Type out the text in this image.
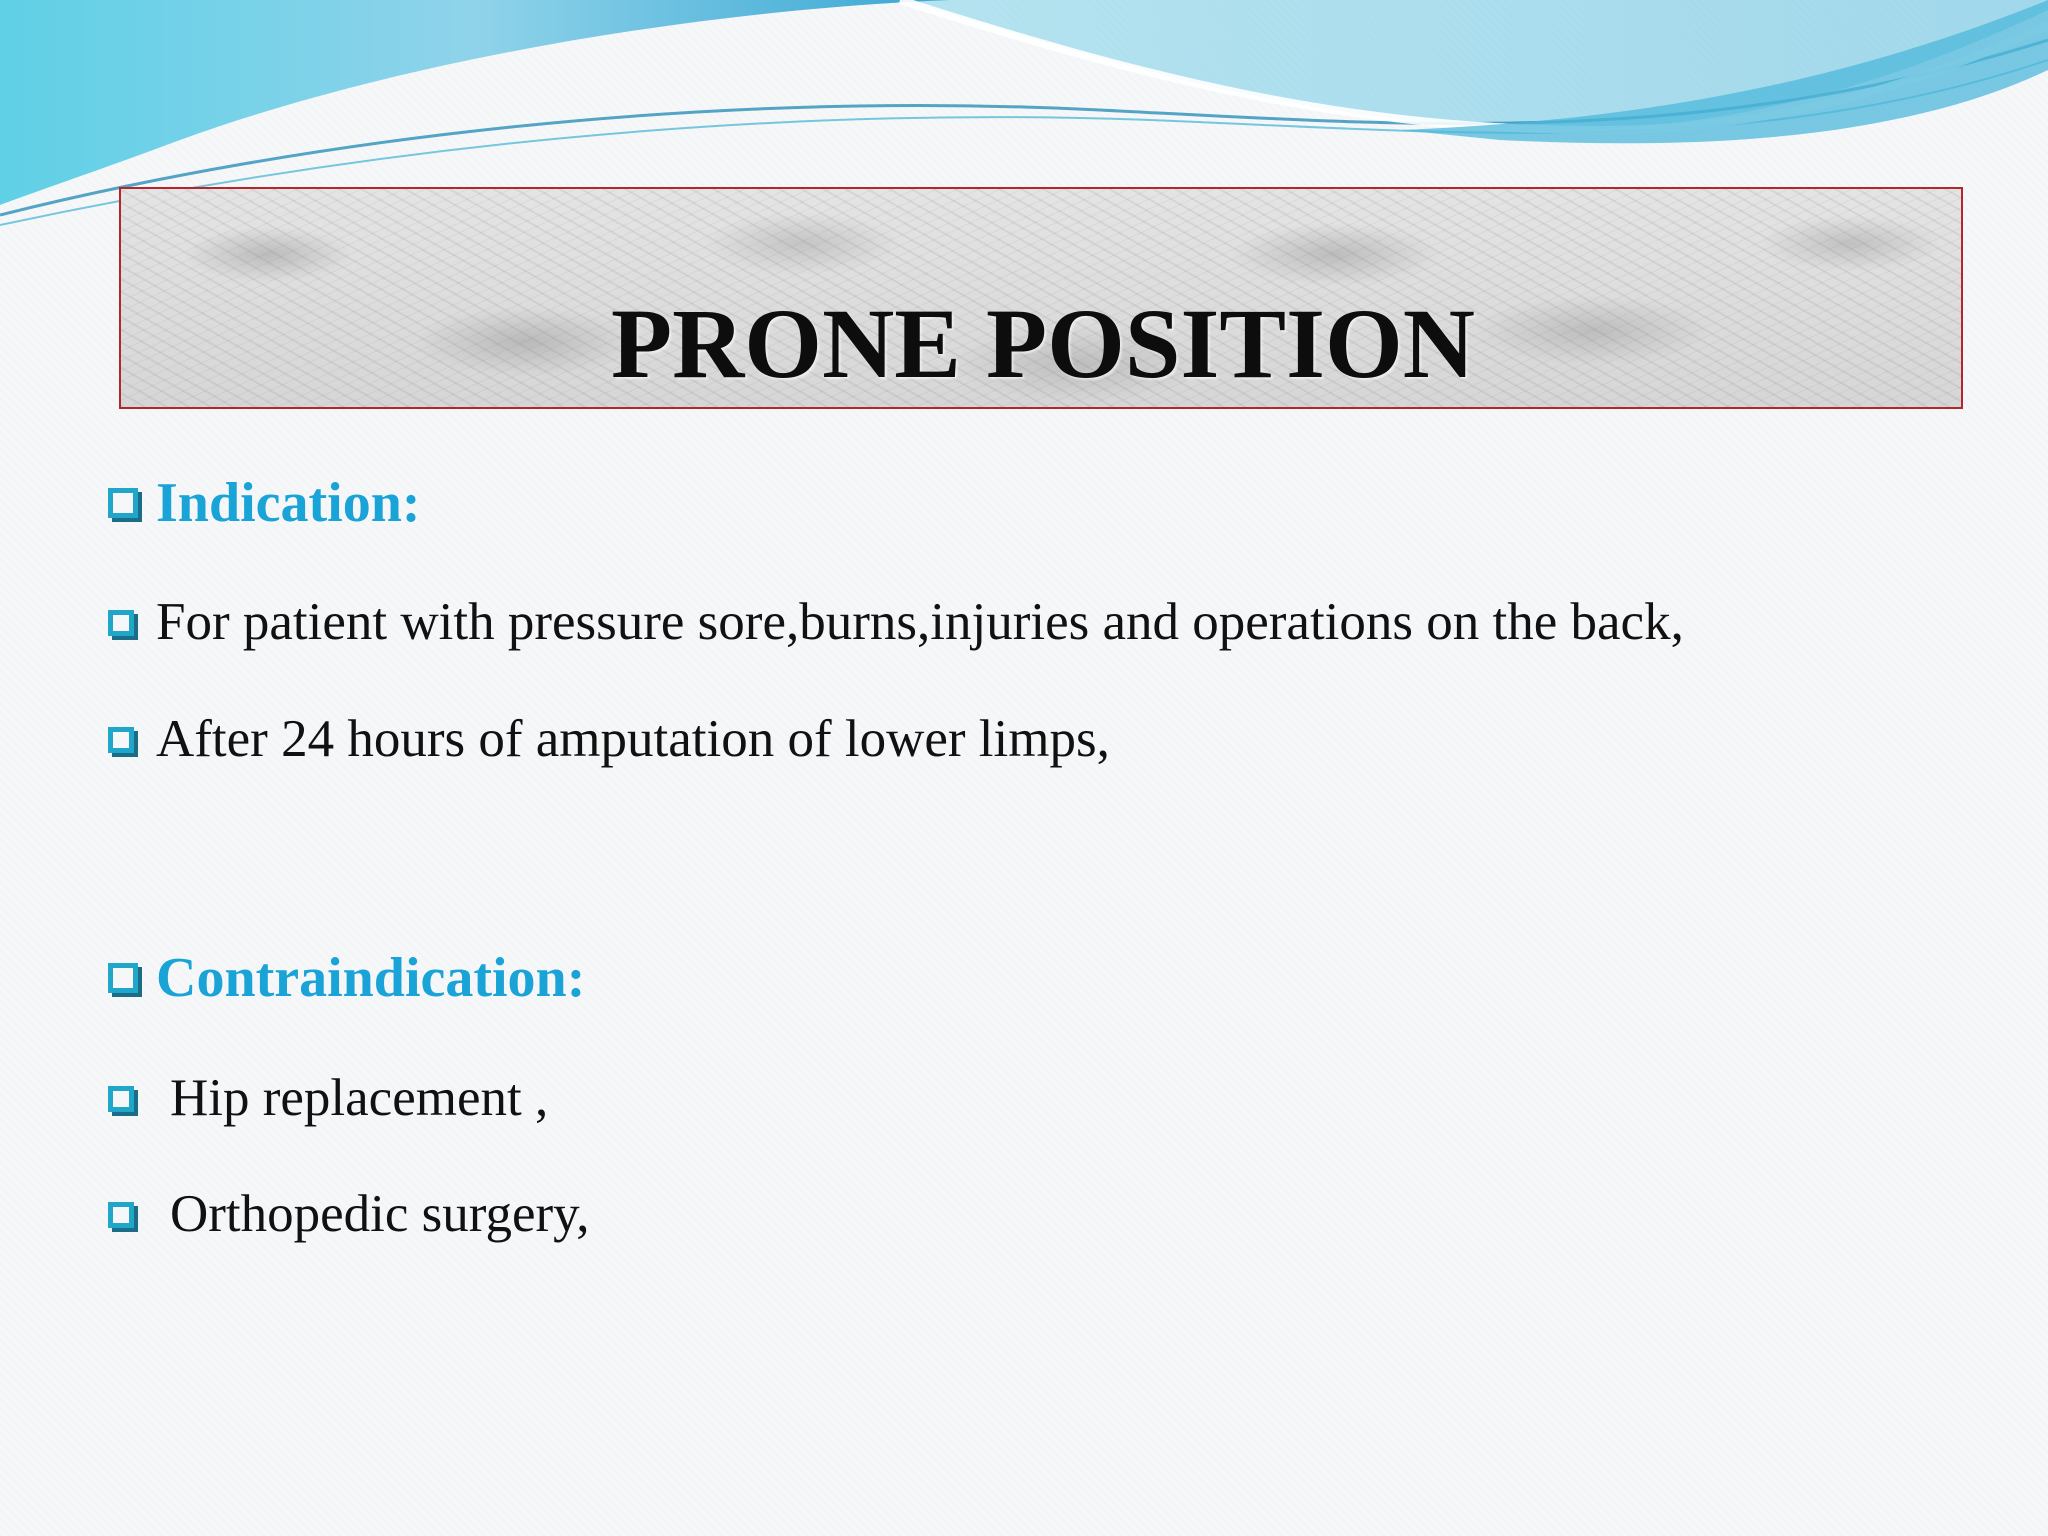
PRONE POSITION
Indication:
For patient with pressure sore,burns,injuries and operations on the back,
After 24 hours of amputation of lower limps,
Contraindication:
Hip replacement ,
Orthopedic surgery,
